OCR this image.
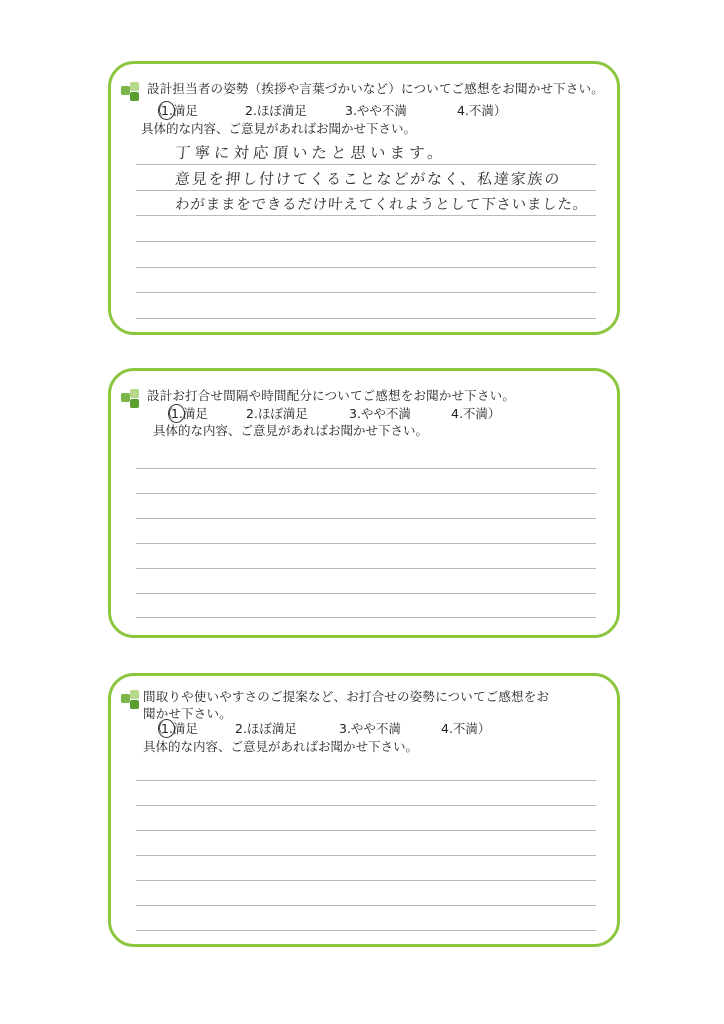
設計担当者の姿勢（挨拶や言葉づかいなど）についてご感想をお聞かせ下さい。
（
1.満足	2.ほぼ満足	3.やや不満	4.不満）
具体的な内容、ご意見があればお聞かせ下さい。
丁寧に対応頂いたと思います。
意見を押し付けてくることなどがなく、私達家族の
わがままをできるだけ叶えてくれようとして下さいました。
設計お打合せ間隔や時間配分についてご感想をお聞かせ下さい。
（
1.満足	2.ほぼ満足	3.やや不満	4.不満）
具体的な内容、ご意見があればお聞かせ下さい。
間取りや使いやすさのご提案など、お打合せの姿勢についてご感想をお
聞かせ下さい。
（
1.満足	2.ほぼ満足	3.やや不満	4.不満）
具体的な内容、ご意見があればお聞かせ下さい。
